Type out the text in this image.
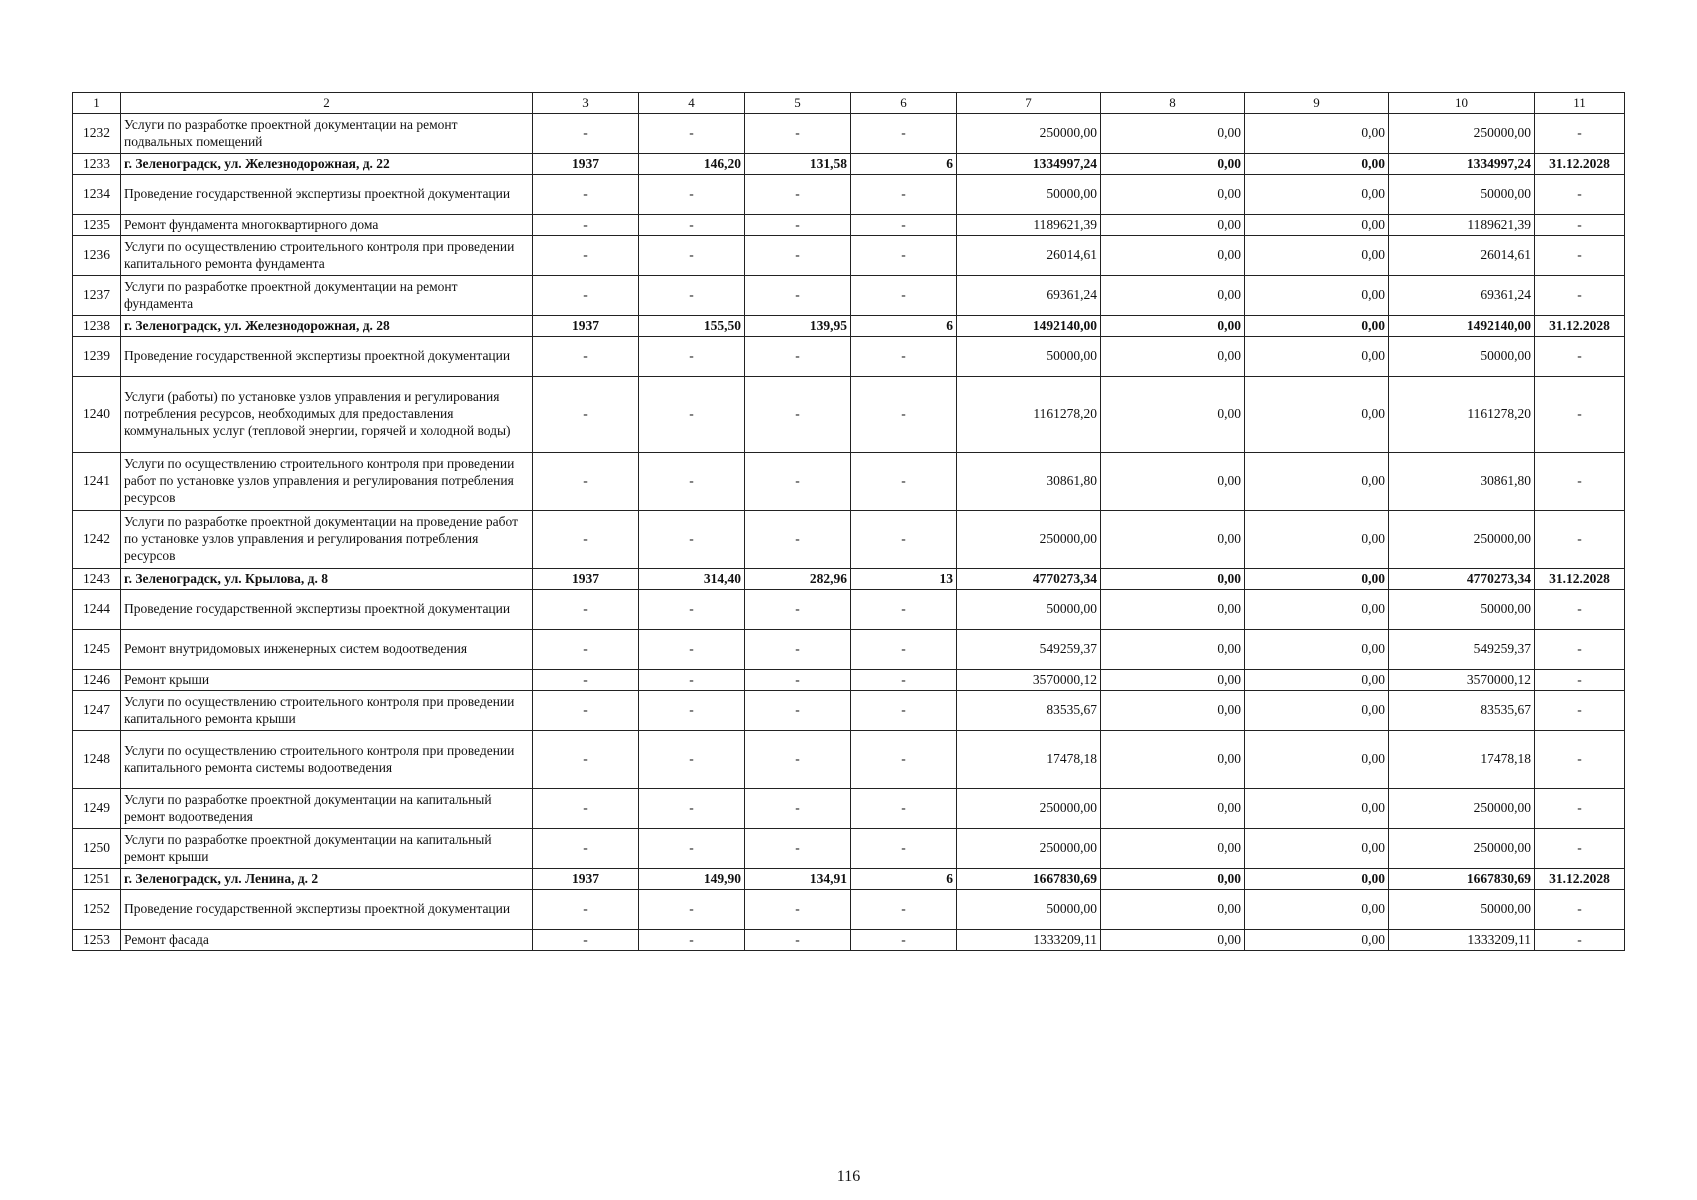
1	2	3	4	5	6	7	8	9	10	11
1232	Услуги по разработке проектной документации на ремонт подвальных помещений	-	-	-	-	250000,00	0,00	0,00	250000,00	-
1233	г. Зеленоградск, ул. Железнодорожная, д. 22	1937	146,20	131,58	6	1334997,24	0,00	0,00	1334997,24	31.12.2028
1234	Проведение государственной экспертизы проектной документации	-	-	-	-	50000,00	0,00	0,00	50000,00	-
1235	Ремонт фундамента многоквартирного дома	-	-	-	-	1189621,39	0,00	0,00	1189621,39	-
1236	Услуги по осуществлению строительного контроля при проведении капитального ремонта фундамента	-	-	-	-	26014,61	0,00	0,00	26014,61	-
1237	Услуги по разработке проектной документации на ремонт фундамента	-	-	-	-	69361,24	0,00	0,00	69361,24	-
1238	г. Зеленоградск, ул. Железнодорожная, д. 28	1937	155,50	139,95	6	1492140,00	0,00	0,00	1492140,00	31.12.2028
1239	Проведение государственной экспертизы проектной документации	-	-	-	-	50000,00	0,00	0,00	50000,00	-
1240	Услуги (работы) по установке узлов управления и регулирования потребления ресурсов, необходимых для предоставления коммунальных услуг (тепловой энергии, горячей и холодной воды)	-	-	-	-	1161278,20	0,00	0,00	1161278,20	-
1241	Услуги по осуществлению строительного контроля при проведении работ по установке узлов управления и регулирования потребления ресурсов	-	-	-	-	30861,80	0,00	0,00	30861,80	-
1242	Услуги по разработке проектной документации на проведение работ по установке узлов управления и регулирования потребления ресурсов	-	-	-	-	250000,00	0,00	0,00	250000,00	-
1243	г. Зеленоградск, ул. Крылова, д. 8	1937	314,40	282,96	13	4770273,34	0,00	0,00	4770273,34	31.12.2028
1244	Проведение государственной экспертизы проектной документации	-	-	-	-	50000,00	0,00	0,00	50000,00	-
1245	Ремонт внутридомовых инженерных систем водоотведения	-	-	-	-	549259,37	0,00	0,00	549259,37	-
1246	Ремонт крыши	-	-	-	-	3570000,12	0,00	0,00	3570000,12	-
1247	Услуги по осуществлению строительного контроля при проведении капитального ремонта крыши	-	-	-	-	83535,67	0,00	0,00	83535,67	-
1248	Услуги по осуществлению строительного контроля при проведении капитального ремонта системы водоотведения	-	-	-	-	17478,18	0,00	0,00	17478,18	-
1249	Услуги по разработке проектной документации на капитальный ремонт водоотведения	-	-	-	-	250000,00	0,00	0,00	250000,00	-
1250	Услуги по разработке проектной документации на капитальный ремонт крыши	-	-	-	-	250000,00	0,00	0,00	250000,00	-
1251	г. Зеленоградск, ул. Ленина, д. 2	1937	149,90	134,91	6	1667830,69	0,00	0,00	1667830,69	31.12.2028
1252	Проведение государственной экспертизы проектной документации	-	-	-	-	50000,00	0,00	0,00	50000,00	-
1253	Ремонт фасада	-	-	-	-	1333209,11	0,00	0,00	1333209,11	-
116
